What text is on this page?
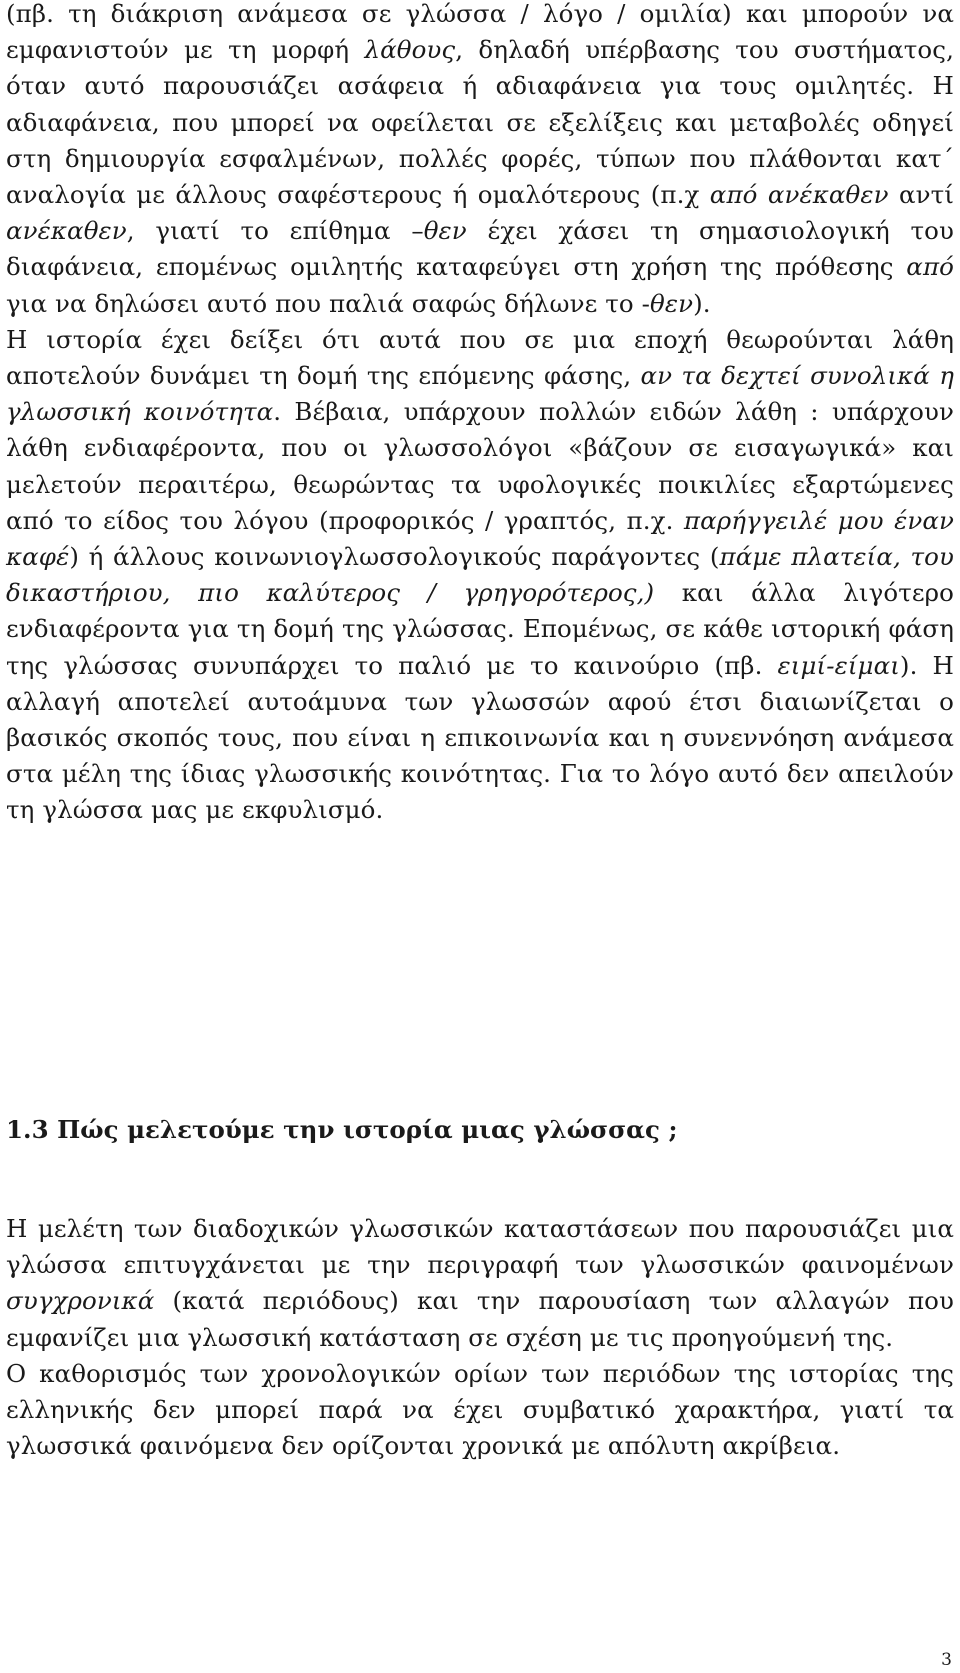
(πβ. τη διάκριση ανάμεσα σε γλώσσα / λόγο / ομιλία) και μπορούν να εμφανιστούν με τη μορφή λάθους, δηλαδή υπέρβασης του συστήματος, όταν αυτό παρουσιάζει ασάφεια ή αδιαφάνεια για τους ομιλητές. Η αδιαφάνεια, που μπορεί να οφείλεται σε εξελίξεις και μεταβολές οδηγεί στη δημιουργία εσφαλμένων, πολλές φορές, τύπων που πλάθονται κατ΄ αναλογία με άλλους σαφέστερους ή ομαλότερους (π.χ από ανέκαθεν αντί ανέκαθεν, γιατί το επίθημα –θεν έχει χάσει τη σημασιολογική του διαφάνεια, επομένως ομιλητής καταφεύγει στη χρήση της πρόθεσης από για να δηλώσει αυτό που παλιά σαφώς δήλωνε το -θεν).

Η ιστορία έχει δείξει ότι αυτά που σε μια εποχή θεωρούνται λάθη αποτελούν δυνάμει τη δομή της επόμενης φάσης, αν τα δεχτεί συνολικά η γλωσσική κοινότητα. Βέβαια, υπάρχουν πολλών ειδών λάθη : υπάρχουν λάθη ενδιαφέροντα, που οι γλωσσολόγοι «βάζουν σε εισαγωγικά» και μελετούν περαιτέρω, θεωρώντας τα υφολογικές ποικιλίες εξαρτώμενες από το είδος του λόγου (προφορικός / γραπτός, π.χ. παρήγγειλέ μου έναν καφέ) ή άλλους κοινωνιογλωσσολογικούς παράγοντες (πάμε πλατεία, του δικαστήριου, πιο καλύτερος / γρηγορότερος,) και άλλα λιγότερο ενδιαφέροντα για τη δομή της γλώσσας. Επομένως, σε κάθε ιστορική φάση της γλώσσας συνυπάρχει το παλιό με το καινούριο (πβ. ειμί-είμαι). Η αλλαγή αποτελεί αυτοάμυνα των γλωσσών αφού έτσι διαιωνίζεται ο βασικός σκοπός τους, που είναι η επικοινωνία και η συνεννόηση ανάμεσα στα μέλη της ίδιας γλωσσικής κοινότητας. Για το λόγο αυτό δεν απειλούν τη γλώσσα μας με εκφυλισμό.

1.3 Πώς μελετούμε την ιστορία μιας γλώσσας ;

Η μελέτη των διαδοχικών γλωσσικών καταστάσεων που παρουσιάζει μια γλώσσα επιτυγχάνεται με την περιγραφή των γλωσσικών φαινομένων συγχρονικά (κατά περιόδους) και την παρουσίαση των αλλαγών που εμφανίζει μια γλωσσική κατάσταση σε σχέση με τις προηγούμενή της.

Ο καθορισμός των χρονολογικών ορίων των περιόδων της ιστορίας της ελληνικής δεν μπορεί παρά να έχει συμβατικό χαρακτήρα, γιατί τα γλωσσικά φαινόμενα δεν ορίζονται χρονικά με απόλυτη ακρίβεια.

3
